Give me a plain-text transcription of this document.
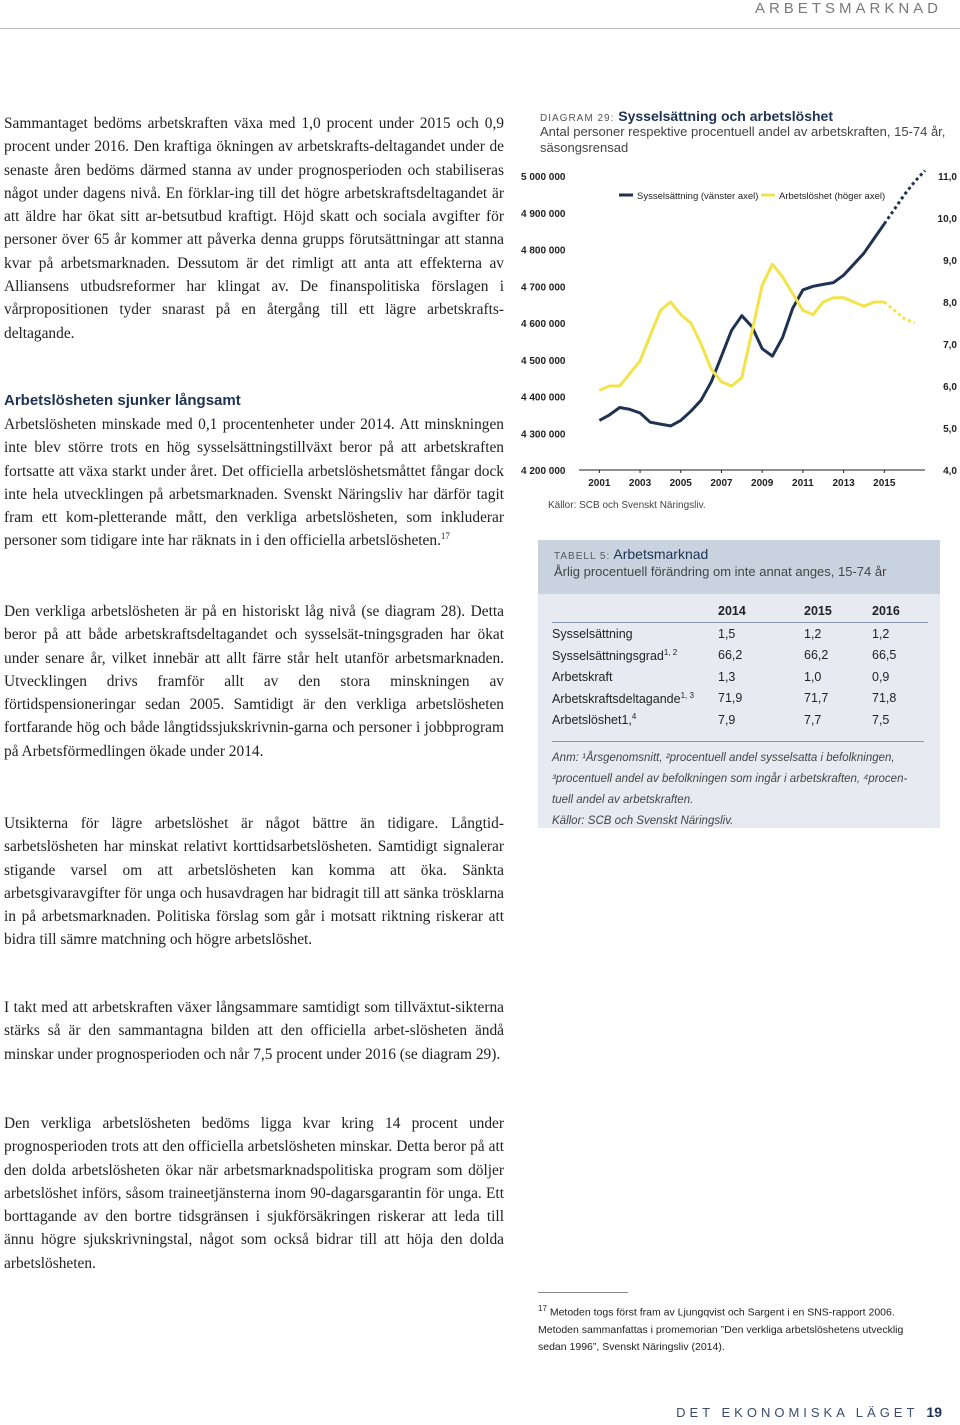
ARBETSMARKNAD

Sammantaget bedöms arbetskraften växa med 1,0 procent under 2015 och 0,9 procent under 2016. Den kraftiga ökningen av arbetskrafts-deltagandet under de senaste åren bedöms därmed stanna av under prognosperioden och stabiliseras något under dagens nivå. En förklar-ing till det högre arbetskraftsdeltagandet är att äldre har ökat sitt ar-betsutbud kraftigt. Höjd skatt och sociala avgifter för personer över 65 år kommer att påverka denna grupps förutsättningar att stanna kvar på arbetsmarknaden. Dessutom är det rimligt att anta att effekterna av Alliansens utbudsreformer har klingat av. De finanspolitiska förslagen i vårpropositionen tyder snarast på en återgång till ett lägre arbetskrafts-deltagande.

Arbetslösheten sjunker långsamt

Arbetslösheten minskade med 0,1 procentenheter under 2014. Att minskningen inte blev större trots en hög sysselsättningstillväxt beror på att arbetskraften fortsatte att växa starkt under året. Det officiella arbetslöshetsmåttet fångar dock inte hela utvecklingen på arbetsmarknaden. Svenskt Näringsliv har därför tagit fram ett kom-pletterande mått, den verkliga arbetslösheten, som inkluderar personer som tidigare inte har räknats in i den officiella arbetslösheten.$^{17}$

Den verkliga arbetslösheten är på en historiskt låg nivå (se diagram 28). Detta beror på att både arbetskraftsdeltagandet och sysselsät-tningsgraden har ökat under senare år, vilket innebär att allt färre står helt utanför arbetsmarknaden. Utvecklingen drivs framför allt av den stora minskningen av förtidspensioneringar sedan 2005. Samtidigt är den verkliga arbetslösheten fortfarande hög och både långtidssjukskrivnin-garna och personer i jobbprogram på Arbetsförmedlingen ökade under 2014.

Utsikterna för lägre arbetslöshet är något bättre än tidigare. Långtid-sarbetslösheten har minskat relativt korttidsarbetslösheten. Samtidigt signalerar stigande varsel om att arbetslösheten kan komma att öka. Sänkta arbetsgivaravgifter för unga och husavdragen har bidragit till att sänka trösklarna in på arbetsmarknaden. Politiska förslag som går i motsatt riktning riskerar att bidra till sämre matchning och högre arbetslöshet.

I takt med att arbetskraften växer långsammare samtidigt som tillväxtut-sikterna stärks så är den sammantagna bilden att den officiella arbet-slösheten ändå minskar under prognosperioden och når 7,5 procent under 2016 (se diagram 29).

Den verkliga arbetslösheten bedöms ligga kvar kring 14 procent under prognosperioden trots att den officiella arbetslösheten minskar. Detta beror på att den dolda arbetslösheten ökar när arbetsmarknadspolitiska program som döljer arbetslöshet införs, såsom traineetjänsterna inom 90-dagarsgarantin för unga. Ett borttagande av den bortre tidsgränsen i sjukförsäkringen riskerar att leda till ännu högre sjukskrivningstal, något som också bidrar till att höja den dolda arbetslösheten.

DIAGRAM 29: Sysselsättning och arbetslöshet
Antal personer respektive procentuell andel av arbetskraften, 15-74 år, säsongsrensad
4 200 000
4 300 000
4 400 000
4 500 000
4 600 000
4 700 000
4 800 000
4 900 000
5 000 000
4,0
5,0
6,0
7,0
8,0
9,0
10,0
11,0
2001 2003 2005 2007 2009 2011 2013 2015
Sysselsättning (vänster axel) Arbetslöshet (höger axel)
Källor: SCB och Svenskt Näringsliv.
TABELL 5: Arbetsmarknad
Årlig procentuell förändring om inte annat anges, 15-74 år
	2014	2015	2016
Sysselsättning	1,5	1,2	1,2
Sysselsättningsgrad$^{1, 2}$	66,2	66,2	66,5
Arbetskraft	1,3	1,0	0,9
Arbetskraftsdeltagande$^{1, 3}$	71,9	71,7	71,8
Arbetslöshet1,$^4$	7,9	7,7	7,5
Anm: ¹Årsgenomsnitt, ²procentuell andel sysselsatta i befolkningen,
³procentuell andel av befolkningen som ingår i arbetskraften, ⁴procen-
tuell andel av arbetskraften.
Källor: SCB och Svenskt Näringsliv.
$^{17}$ Metoden togs först fram av Ljungqvist och Sargent i en SNS-rapport 2006.
Metoden sammanfattas i promemorian ”Den verkliga arbetslöshetens utvecklig
sedan 1996”, Svenskt Näringsliv (2014).
DET EKONOMISKA LÄGET 19
